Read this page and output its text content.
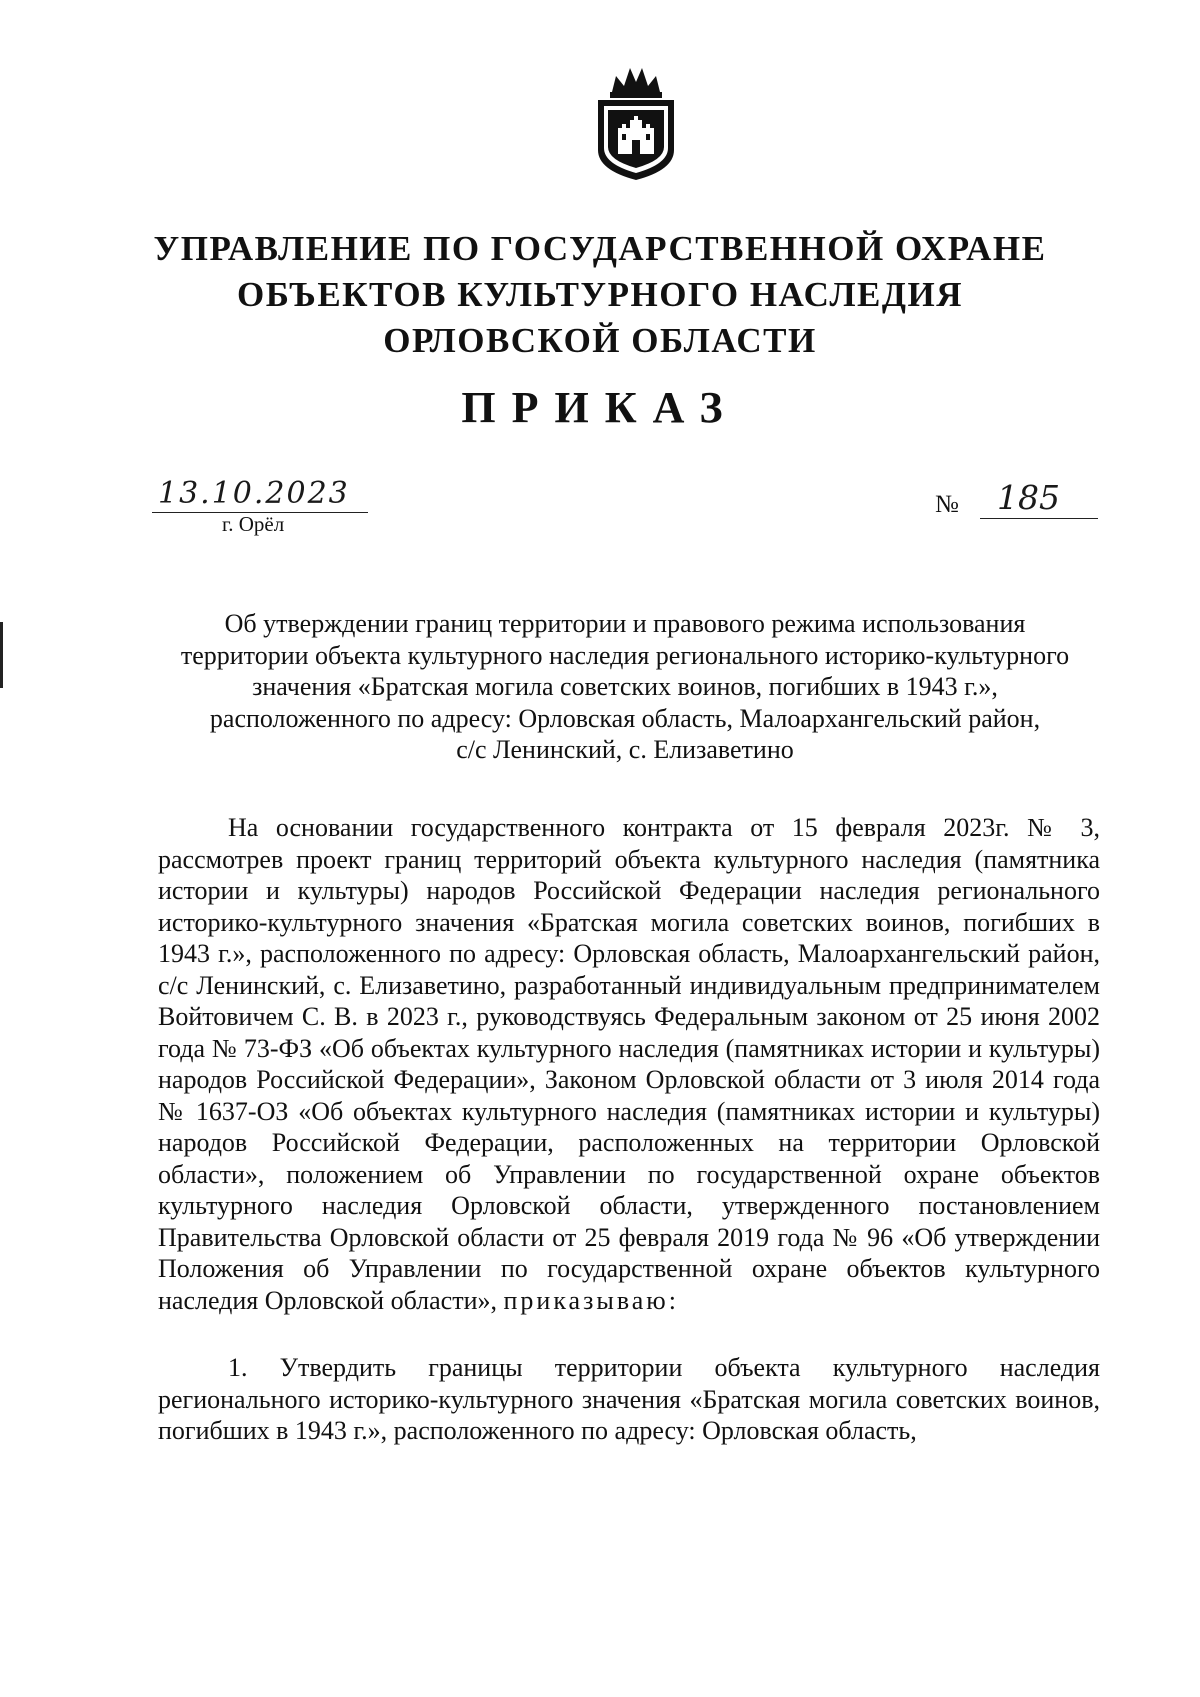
УПРАВЛЕНИЕ ПО ГОСУДАРСТВЕННОЙ ОХРАНЕ
ОБЪЕКТОВ КУЛЬТУРНОГО НАСЛЕДИЯ
ОРЛОВСКОЙ ОБЛАСТИ
ПРИКАЗ
13.10.2023
г. Орёл
№ 185
Об утверждении границ территории и правового режима использования
территории объекта культурного наследия регионального историко-культурного
значения «Братская могила советских воинов, погибших в 1943 г.»,
расположенного по адресу: Орловская область, Малоархангельский район,
с/с Ленинский, с. Елизаветино

На основании государственного контракта от 15 февраля 2023г. № 3, рассмотрев проект границ территорий объекта культурного наследия (памятника истории и культуры) народов Российской Федерации наследия регионального историко-культурного значения «Братская могила советских воинов, погибших в 1943 г.», расположенного по адресу: Орловская область, Малоархангельский район, с/с Ленинский, с. Елизаветино, разработанный индивидуальным предпринимателем Войтовичем С. В. в 2023 г., руководствуясь Федеральным законом от 25 июня 2002 года № 73-ФЗ «Об объектах культурного наследия (памятниках истории и культуры) народов Российской Федерации», Законом Орловской области от 3 июля 2014 года № 1637-ОЗ «Об объектах культурного наследия (памятниках истории и культуры) народов Российской Федерации, расположенных на территории Орловской области», положением об Управлении по государственной охране объектов культурного наследия Орловской области, утвержденного постановлением Правительства Орловской области от 25 февраля 2019 года № 96 «Об утверждении Положения об Управлении по государственной охране объектов культурного наследия Орловской области», приказываю:

1. Утвердить границы территории объекта культурного наследия регионального историко-культурного значения «Братская могила советских воинов, погибших в 1943 г.», расположенного по адресу: Орловская область,
